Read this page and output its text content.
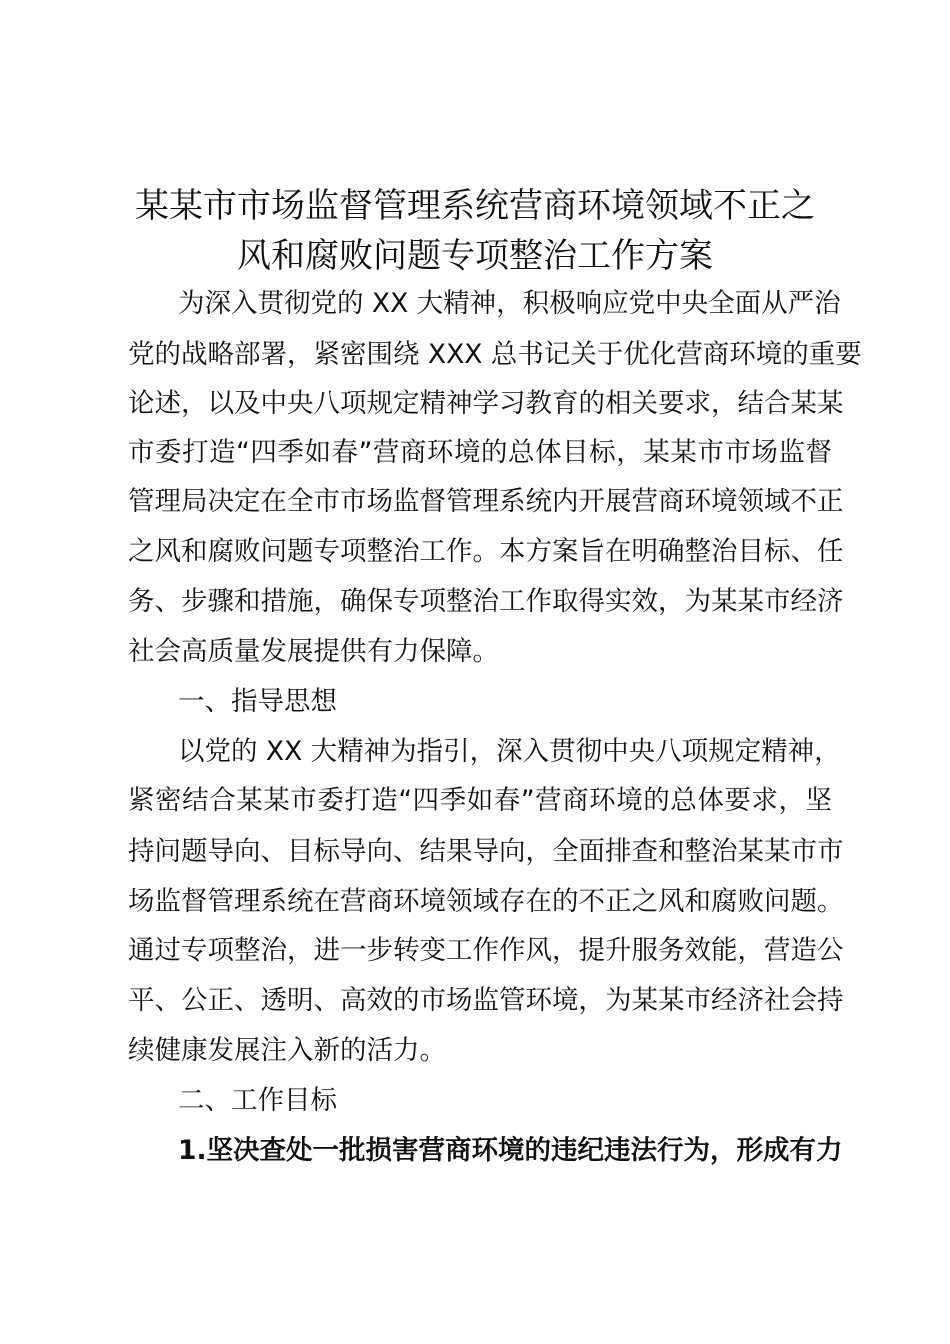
某某市市场监督管理系统营商环境领域不正之
风和腐败问题专项整治工作方案

为深入贯彻党的 XX 大精神，积极响应党中央全面从严治

党的战略部署，紧密围绕 XXX 总书记关于优化营商环境的重要

论述，以及中央八项规定精神学习教育的相关要求，结合某某

市委打造“四季如春”营商环境的总体目标，某某市市场监督

管理局决定在全市市场监督管理系统内开展营商环境领域不正

之风和腐败问题专项整治工作。本方案旨在明确整治目标、任

务、步骤和措施，确保专项整治工作取得实效，为某某市经济

社会高质量发展提供有力保障。

一、指导思想

以党的 XX 大精神为指引，深入贯彻中央八项规定精神，

紧密结合某某市委打造“四季如春”营商环境的总体要求，坚

持问题导向、目标导向、结果导向，全面排查和整治某某市市

场监督管理系统在营商环境领域存在的不正之风和腐败问题。

通过专项整治，进一步转变工作作风，提升服务效能，营造公

平、公正、透明、高效的市场监管环境，为某某市经济社会持

续健康发展注入新的活力。

二、工作目标

1.坚决查处一批损害营商环境的违纪违法行为，形成有力
